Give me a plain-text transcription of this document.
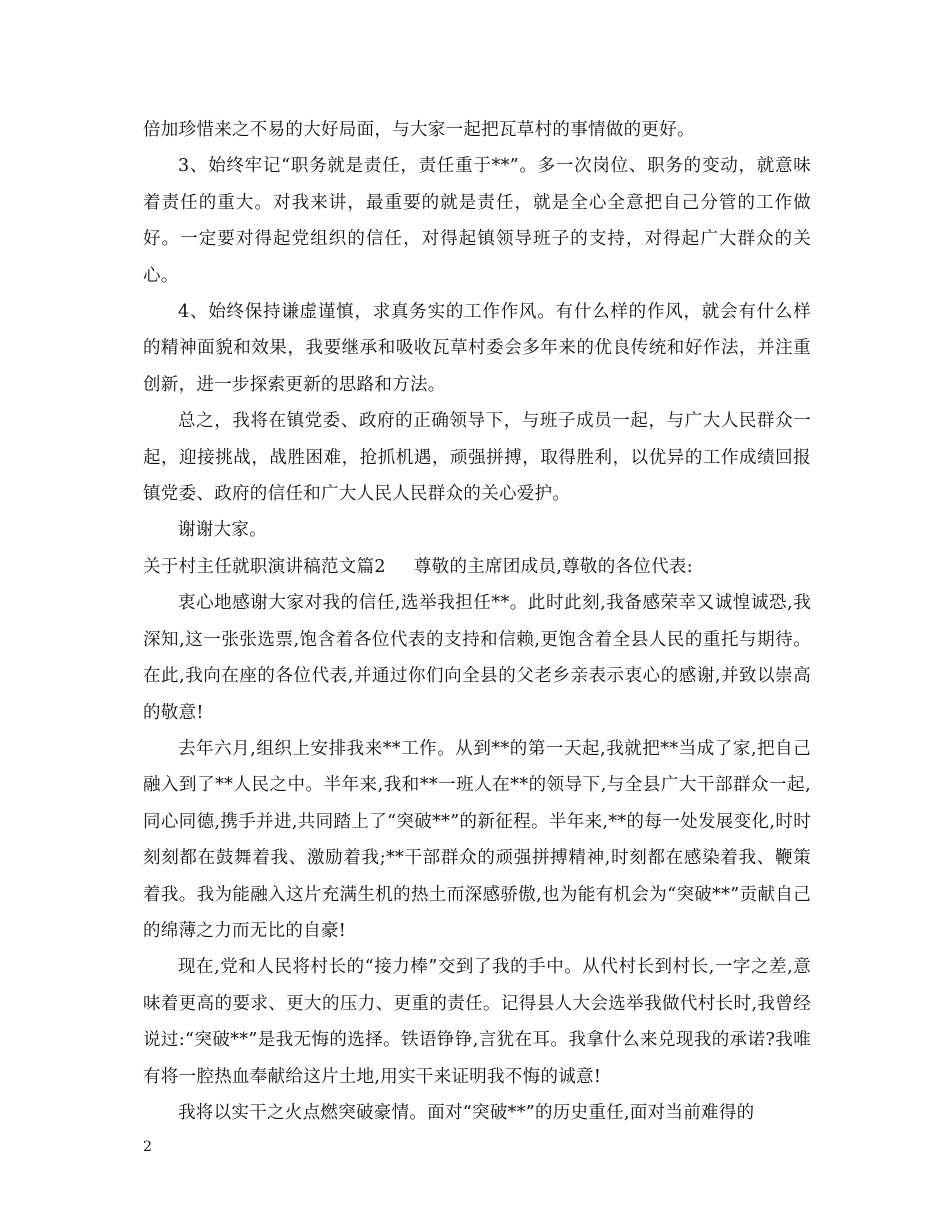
倍加珍惜来之不易的大好局面，与大家一起把瓦草村的事情做的更好。

3、始终牢记“职务就是责任，责任重于**”。多一次岗位、职务的变动，就意味着责任的重大。对我来讲，最重要的就是责任，就是全心全意把自己分管的工作做好。一定要对得起党组织的信任，对得起镇领导班子的支持，对得起广大群众的关心。

4、始终保持谦虚谨慎，求真务实的工作作风。有什么样的作风，就会有什么样的精神面貌和效果，我要继承和吸收瓦草村委会多年来的优良传统和好作法，并注重创新，进一步探索更新的思路和方法。

总之，我将在镇党委、政府的正确领导下，与班子成员一起，与广大人民群众一起，迎接挑战，战胜困难，抢抓机遇，顽强拼搏，取得胜利，以优异的工作成绩回报镇党委、政府的信任和广大人民人民群众的关心爱护。

谢谢大家。

关于村主任就职演讲稿范文篇2 尊敬的主席团成员,尊敬的各位代表:

衷心地感谢大家对我的信任,选举我担任**。此时此刻,我备感荣幸又诚惶诚恐,我深知,这一张张选票,饱含着各位代表的支持和信赖,更饱含着全县人民的重托与期待。在此,我向在座的各位代表,并通过你们向全县的父老乡亲表示衷心的感谢,并致以崇高的敬意!

去年六月,组织上安排我来**工作。从到**的第一天起,我就把**当成了家,把自己融入到了**人民之中。半年来,我和**一班人在**的领导下,与全县广大干部群众一起,同心同德,携手并进,共同踏上了“突破**”的新征程。半年来,**的每一处发展变化,时时刻刻都在鼓舞着我、激励着我;**干部群众的顽强拼搏精神,时刻都在感染着我、鞭策着我。我为能融入这片充满生机的热土而深感骄傲,也为能有机会为“突破**”贡献自己的绵薄之力而无比的自豪!

现在,党和人民将村长的“接力棒”交到了我的手中。从代村长到村长,一字之差,意味着更高的要求、更大的压力、更重的责任。记得县人大会选举我做代村长时,我曾经说过:“突破**”是我无悔的选择。铁语铮铮,言犹在耳。我拿什么来兑现我的承诺?我唯有将一腔热血奉献给这片土地,用实干来证明我不悔的诚意!

我将以实干之火点燃突破豪情。面对“突破**”的历史重任,面对当前难得的

2
